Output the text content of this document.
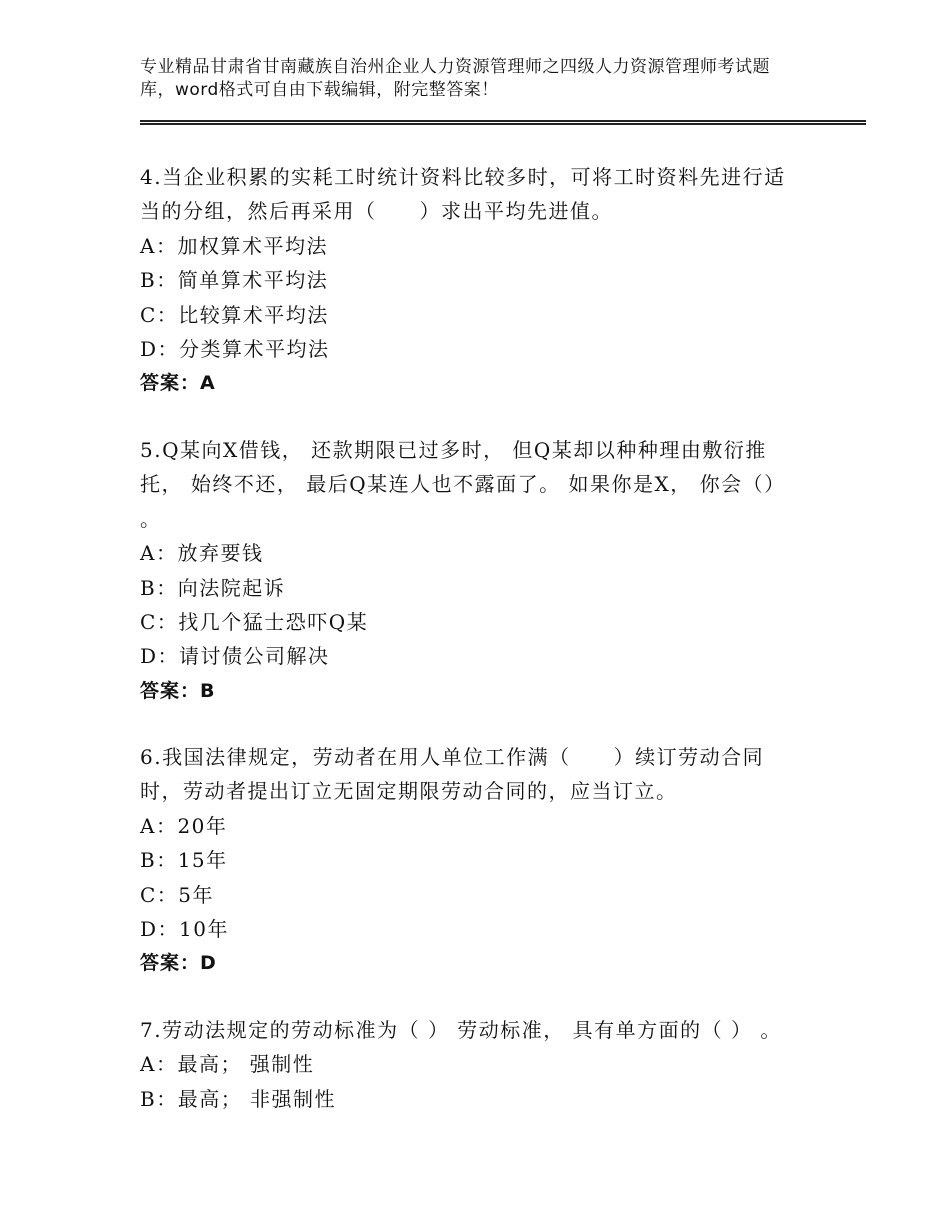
专业精品甘肃省甘南藏族自治州企业人力资源管理师之四级人力资源管理师考试题
库，word格式可自由下载编辑，附完整答案！
4.当企业积累的实耗工时统计资料比较多时，可将工时资料先进行适
当的分组，然后再采用（　　）求出平均先进值。
A：加权算术平均法
B：简单算术平均法
C：比较算术平均法
D：分类算术平均法
答案：A
5.Q某向X借钱， 还款期限已过多时， 但Q某却以种种理由敷衍推
托， 始终不还， 最后Q某连人也不露面了。 如果你是X， 你会（）
。
A：放弃要钱
B：向法院起诉
C：找几个猛士恐吓Q某
D：请讨债公司解决
答案：B
6.我国法律规定，劳动者在用人单位工作满（　　）续订劳动合同
时，劳动者提出订立无固定期限劳动合同的，应当订立。
A：20年
B：15年
C：5年
D：10年
答案：D
7.劳动法规定的劳动标准为（ ） 劳动标准， 具有单方面的（ ） 。
A：最高； 强制性
B：最高； 非强制性
